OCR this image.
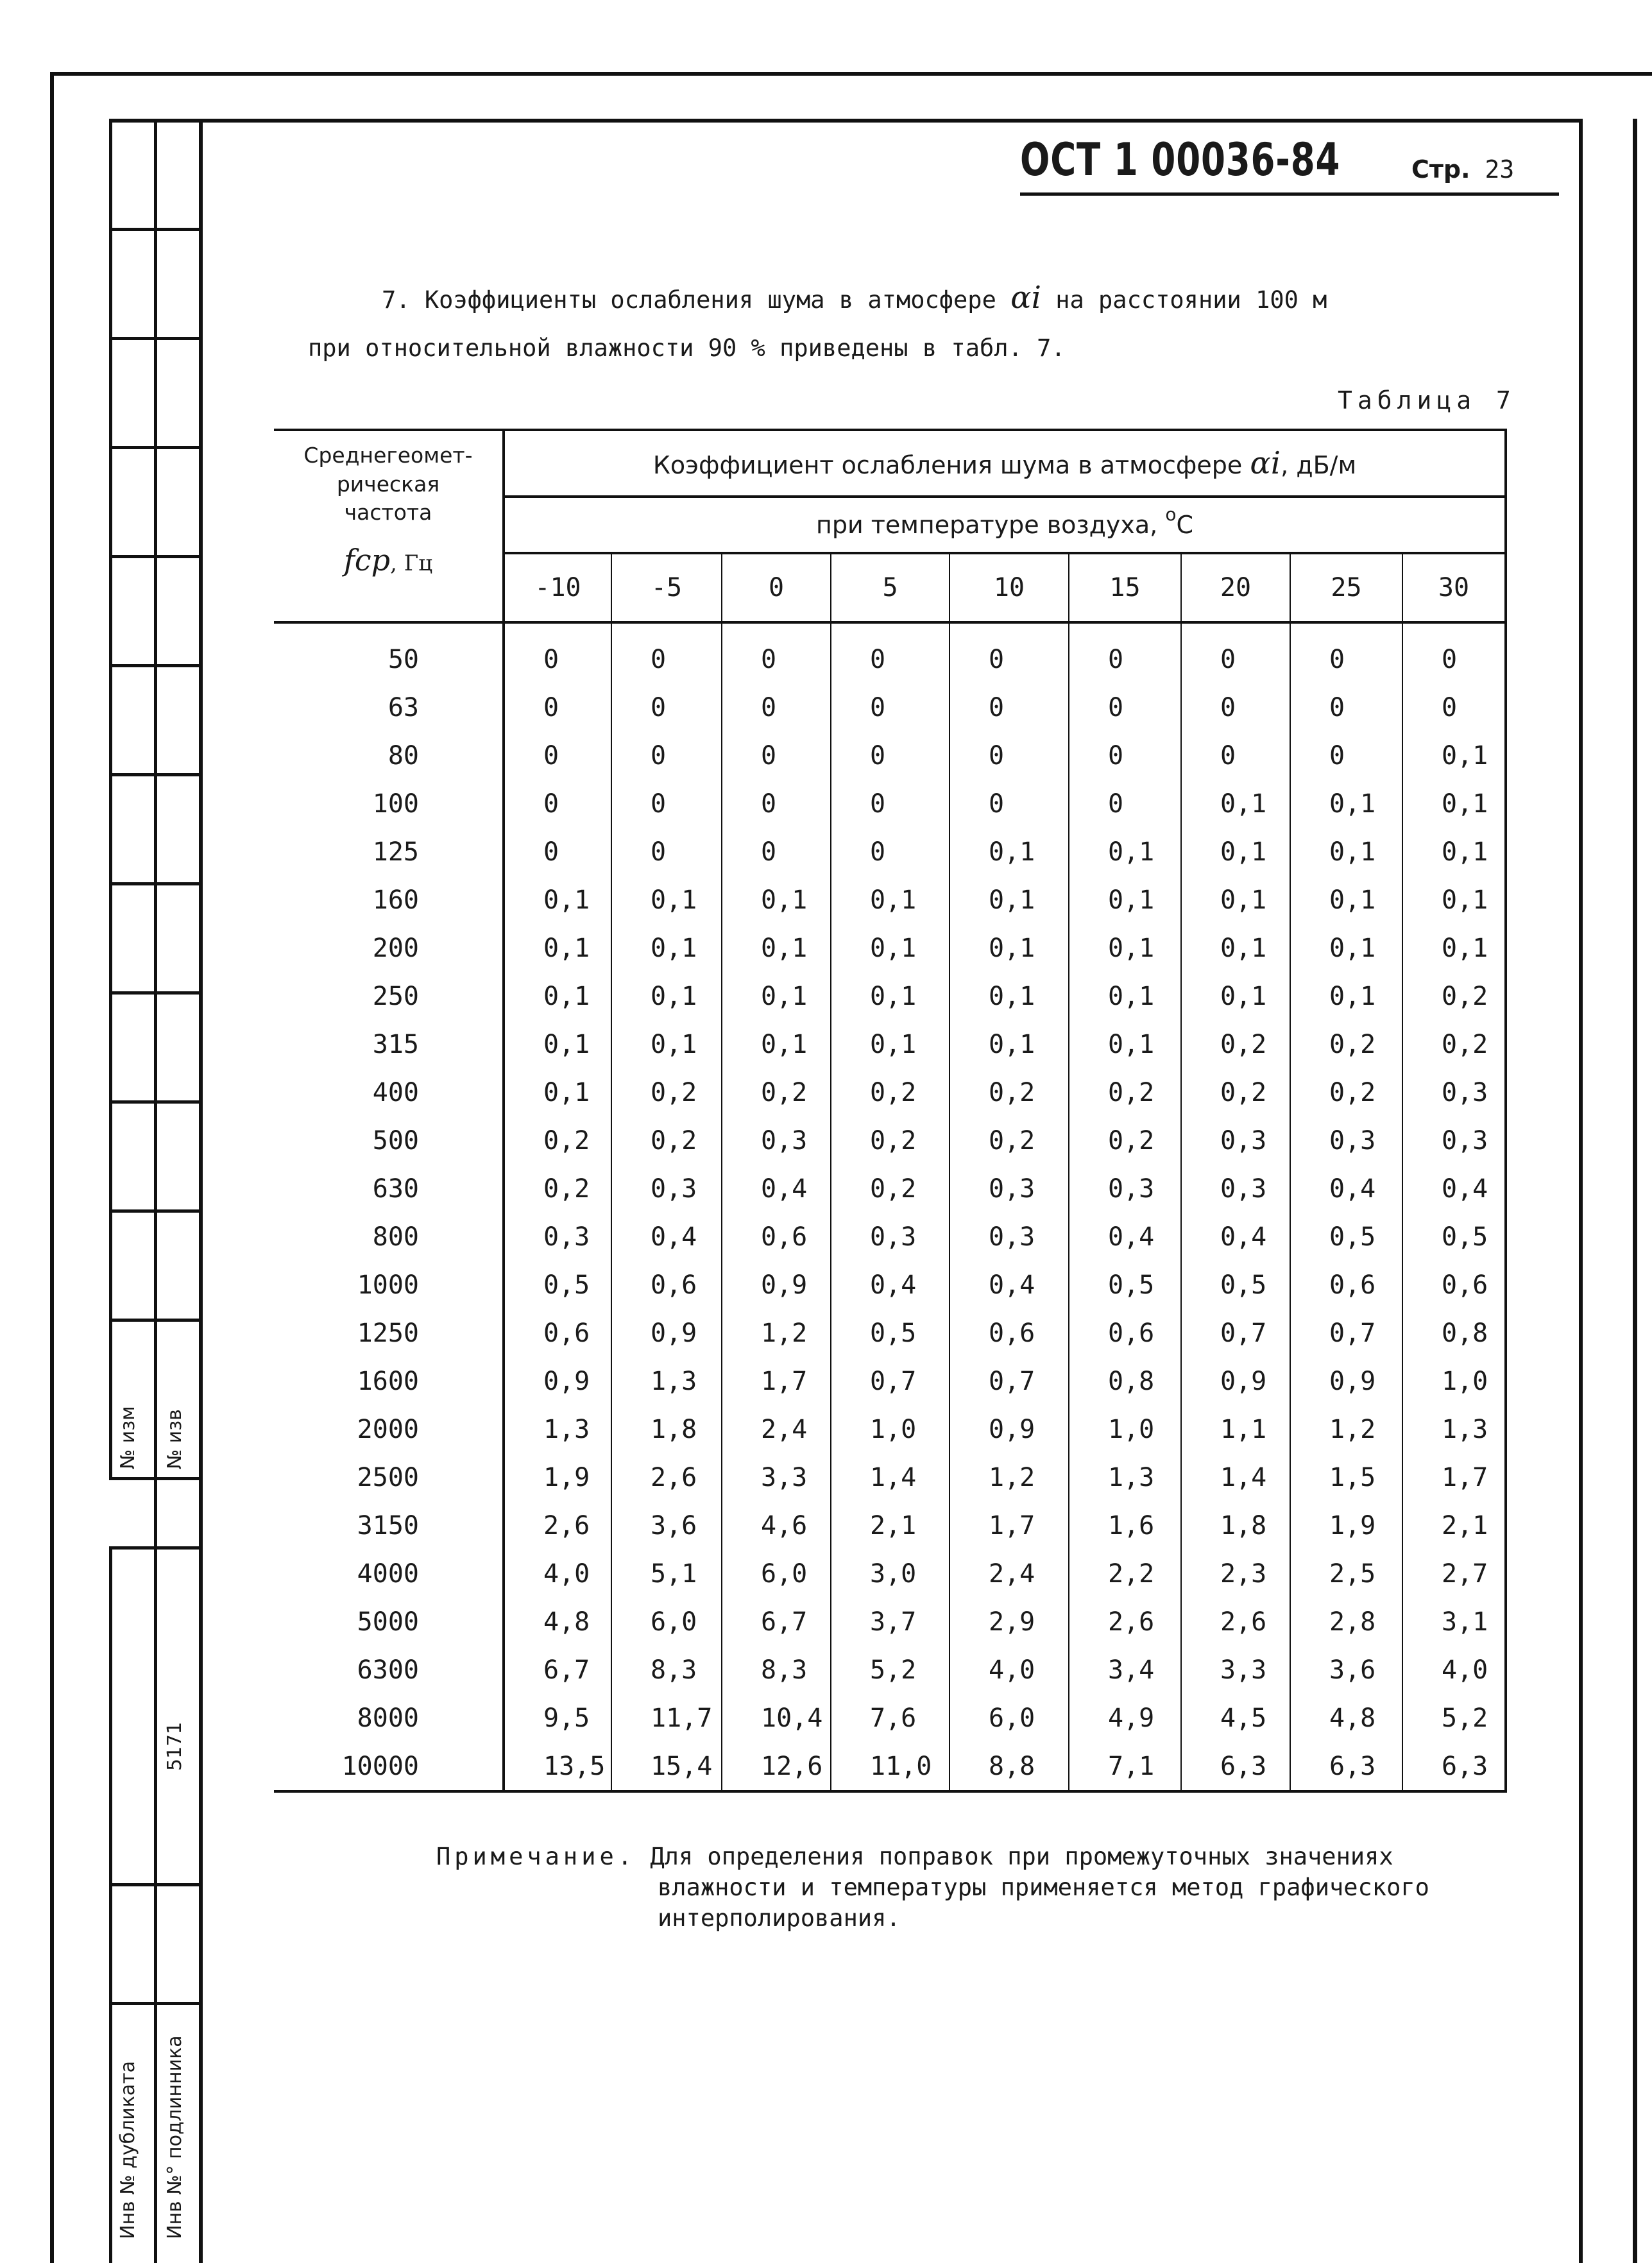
№ изм № изв
5171
Инв № дубликата Инв №° подлинника
ОСТ 1 00036-84	Стр. 23
7. Коэффициенты ослабления шума в атмосфере αi на расстоянии 100 м
при относительной влажности 90 % приведены в табл. 7.
Таблица 7
Среднегеомет-
рическая
частота
fср, Гц	Коэффициент ослабления шума в атмосфере αi, дБ/м								
	при температуре воздуха, $^o$С								
	-10	-5	0	5	10	15	20	25	30
50	0	0	0	0	0	0	0	0	0
63	0	0	0	0	0	0	0	0	0
80	0	0	0	0	0	0	0	0	0,1
100	0	0	0	0	0	0	0,1	0,1	0,1
125	0	0	0	0	0,1	0,1	0,1	0,1	0,1
160	0,1	0,1	0,1	0,1	0,1	0,1	0,1	0,1	0,1
200	0,1	0,1	0,1	0,1	0,1	0,1	0,1	0,1	0,1
250	0,1	0,1	0,1	0,1	0,1	0,1	0,1	0,1	0,2
315	0,1	0,1	0,1	0,1	0,1	0,1	0,2	0,2	0,2
400	0,1	0,2	0,2	0,2	0,2	0,2	0,2	0,2	0,3
500	0,2	0,2	0,3	0,2	0,2	0,2	0,3	0,3	0,3
630	0,2	0,3	0,4	0,2	0,3	0,3	0,3	0,4	0,4
800	0,3	0,4	0,6	0,3	0,3	0,4	0,4	0,5	0,5
1000	0,5	0,6	0,9	0,4	0,4	0,5	0,5	0,6	0,6
1250	0,6	0,9	1,2	0,5	0,6	0,6	0,7	0,7	0,8
1600	0,9	1,3	1,7	0,7	0,7	0,8	0,9	0,9	1,0
2000	1,3	1,8	2,4	1,0	0,9	1,0	1,1	1,2	1,3
2500	1,9	2,6	3,3	1,4	1,2	1,3	1,4	1,5	1,7
3150	2,6	3,6	4,6	2,1	1,7	1,6	1,8	1,9	2,1
4000	4,0	5,1	6,0	3,0	2,4	2,2	2,3	2,5	2,7
5000	4,8	6,0	6,7	3,7	2,9	2,6	2,6	2,8	3,1
6300	6,7	8,3	8,3	5,2	4,0	3,4	3,3	3,6	4,0
8000	9,5	11,7	10,4	7,6	6,0	4,9	4,5	4,8	5,2
10000	13,5	15,4	12,6	11,0	8,8	7,1	6,3	6,3	6,3
Примечание. Для определения поправок при промежуточных значениях
влажности и температуры применяется метод графического
интерполирования.
